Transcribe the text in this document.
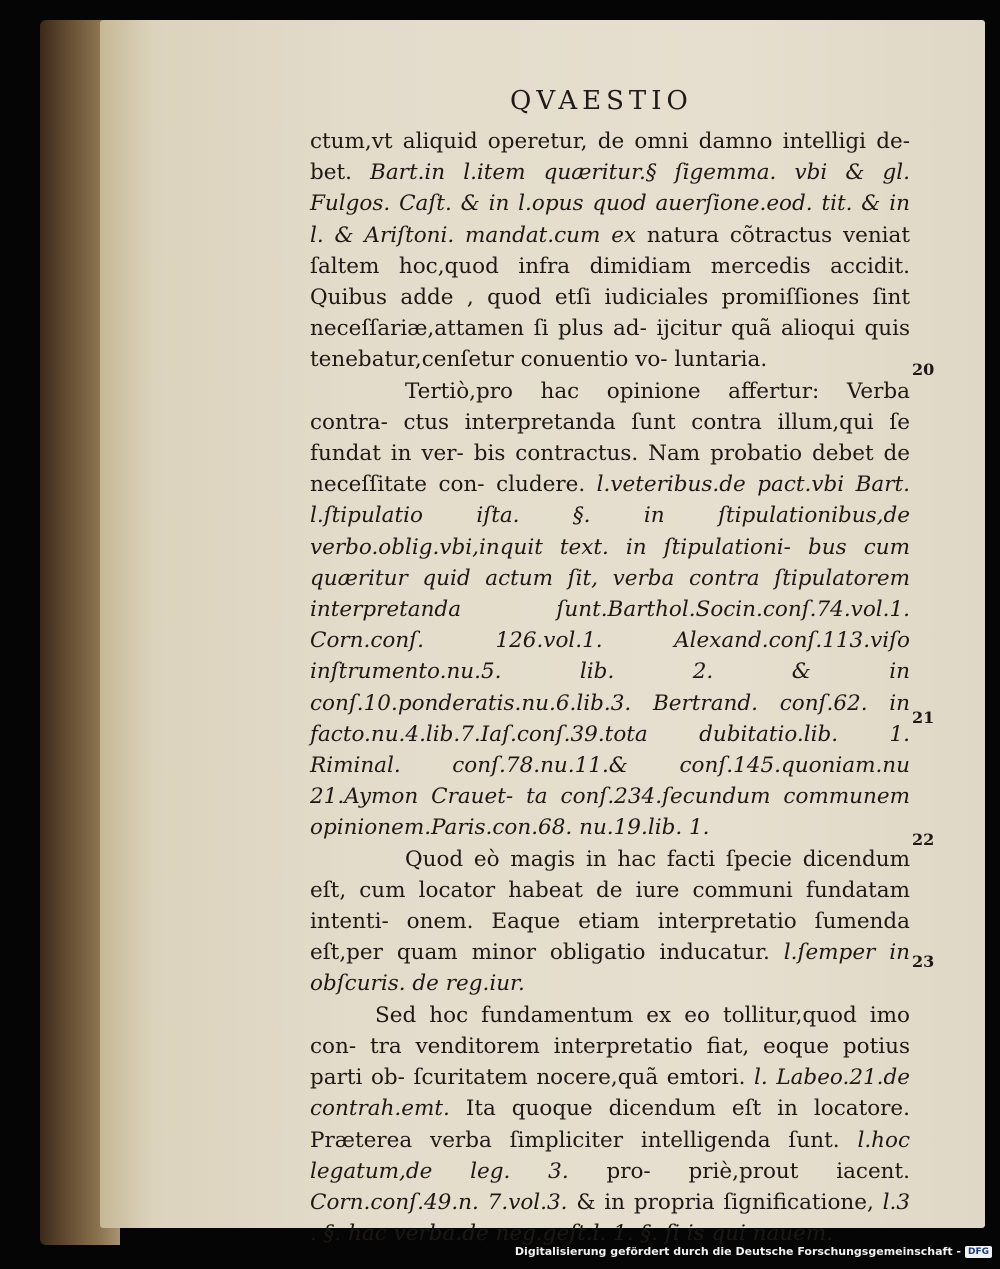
QVAESTIO

ctum,vt aliquid operetur, de omni damno intelligi de- bet. Bart.in l.item quæritur.§ ſigemma. vbi & gl. Fulgos. Caſt. & in l.opus quod auerſione.eod. tit. & in l. & Ariſtoni. mandat.cum ex natura cõtractus veniat ſaltem hoc,quod infra dimidiam mercedis accidit. Quibus adde , quod etſi iudiciales promiſſiones ſint neceſſariæ,attamen ſi plus ad- ijcitur quã alioqui quis tenebatur,cenſetur conuentio vo- luntaria.

Tertiò,pro hac opinione affertur: Verba contra- ctus interpretanda ſunt contra illum,qui ſe fundat in ver- bis contractus. Nam probatio debet de neceſſitate con- cludere. l.veteribus.de pact.vbi Bart. l.ſtipulatio iſta. §. in ſtipulationibus,de verbo.oblig.vbi,inquit text. in ſtipulationi- bus cum quæritur quid actum ſit, verba contra ſtipulatorem interpretanda ſunt.Barthol.Socin.conſ.74.vol.1. Corn.conſ.	126.vol.1. Alexand.conſ.113.viſo inſtrumento.nu.5. lib. 2.	& in conſ.10.ponderatis.nu.6.lib.3. Bertrand. conſ.62. in facto.nu.4.lib.7.Iaſ.conſ.39.tota dubitatio.lib. 1. Riminal. conſ.78.nu.11.& conſ.145.quoniam.nu 21.Aymon Crauet- ta conſ.234.ſecundum communem opinionem.Paris.con.68. nu.19.lib. 1.

Quod eò magis in hac facti ſpecie dicendum eſt, cum locator habeat de iure communi fundatam intenti- onem. Eaque etiam interpretatio ſumenda eſt,per quam minor obligatio inducatur. l.ſemper in obſcuris. de reg.iur.

Sed hoc fundamentum ex eo tollitur,quod imo con- tra venditorem interpretatio fiat, eoque potius parti ob- ſcuritatem nocere,quã emtori. l. Labeo.21.de contrah.emt. Ita quoque dicendum eſt in locatore. Præterea verba ſimpliciter intelligenda ſunt. l.hoc legatum,de leg. 3. pro- priè,prout iacent. Corn.conſ.49.n. 7.vol.3. & in propria ſignificatione, l.3 . §. hac verba.de neg.geſt.l. 1. §. ſi is qui nauem.

20
21
22
23
Digitalisierung gefördert durch die Deutsche Forschungsgemeinschaft - DFG
